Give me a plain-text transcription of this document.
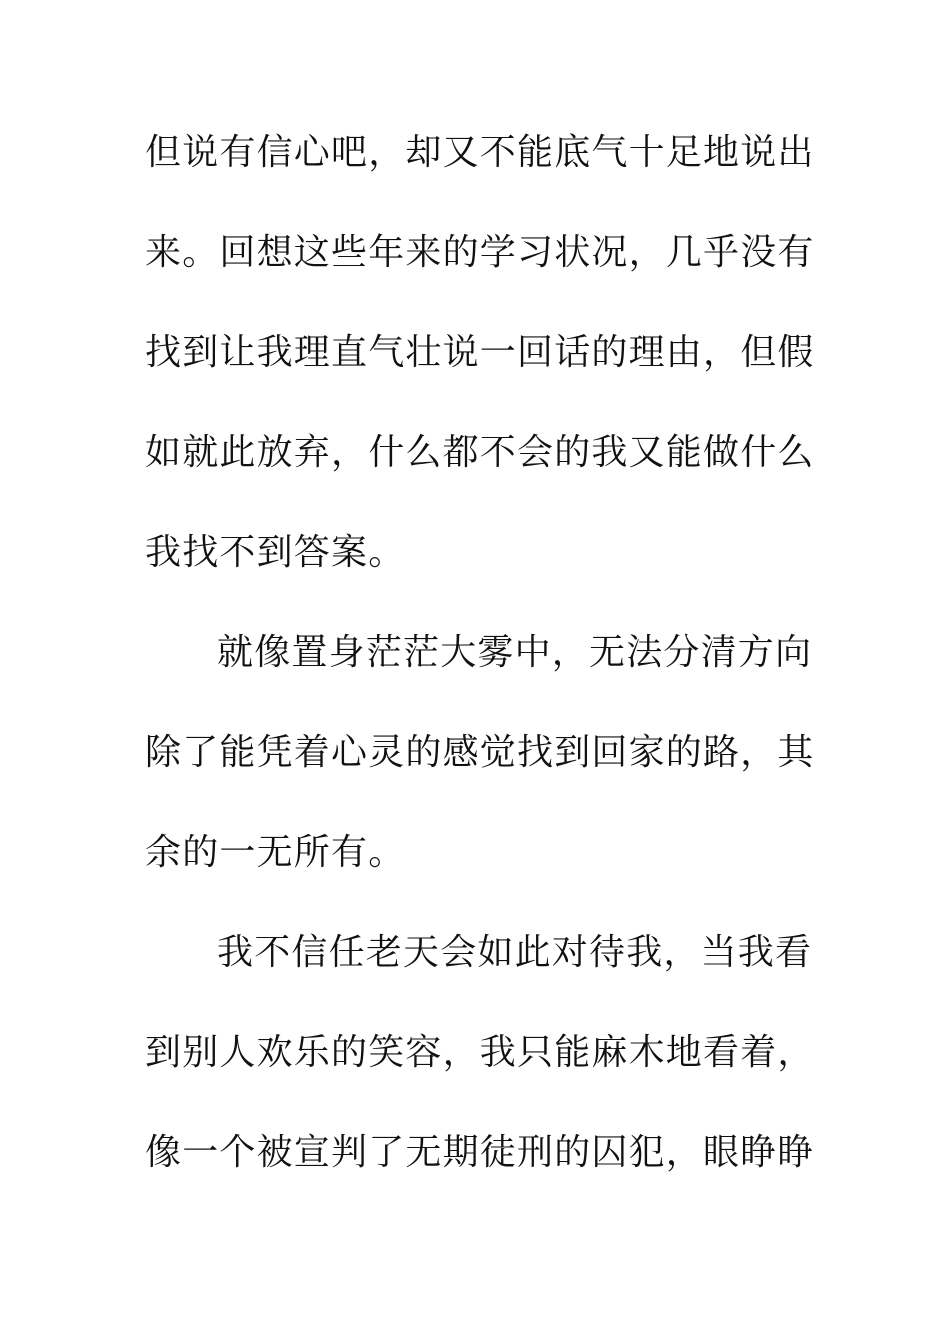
但说有信心吧，却又不能底气十足地说出
来。回想这些年来的学习状况，几乎没有
找到让我理直气壮说一回话的理由，但假
如就此放弃，什么都不会的我又能做什么
我找不到答案。
就像置身茫茫大雾中，无法分清方向
除了能凭着心灵的感觉找到回家的路，其
余的一无所有。
我不信任老天会如此对待我，当我看
到别人欢乐的笑容，我只能麻木地看着，
像一个被宣判了无期徒刑的囚犯，眼睁睁
